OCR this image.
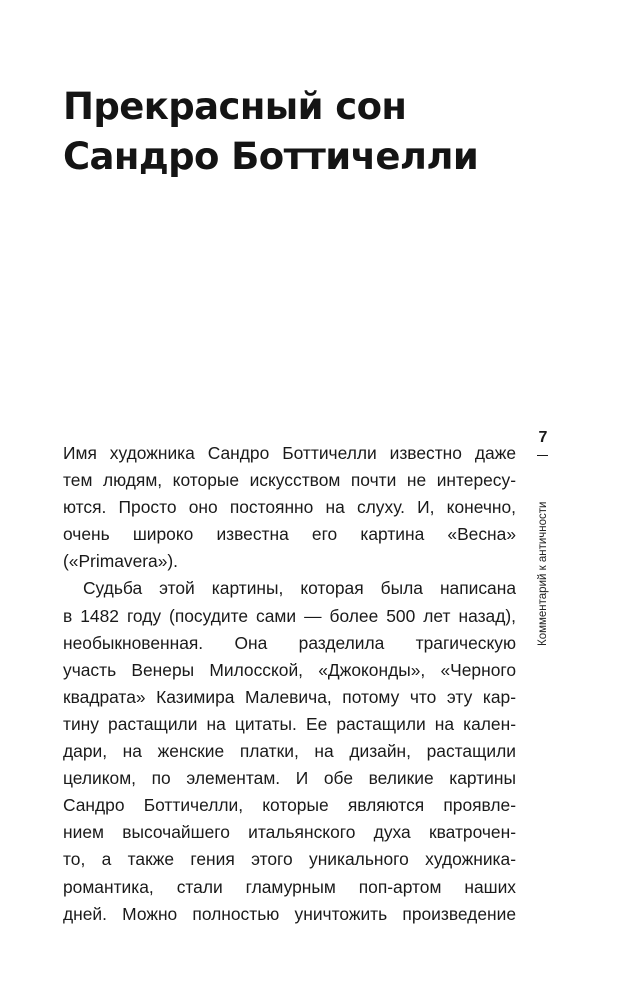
Прекрасный сон
Сандро Боттичелли

Имя художника Сандро Боттичелли известно даже
тем людям, которые искусством почти не интересу-
ются. Просто оно постоянно на слуху. И, конечно,
очень широко известна его картина «Весна»
(«Primavera»).

Судьба этой картины, которая была написана
в 1482 году (посудите сами — более 500 лет назад),
необыкновенная. Она разделила трагическую
участь Венеры Милосской, «Джоконды», «Черного
квадрата» Казимира Малевича, потому что эту кар-
тину растащили на цитаты. Ее растащили на кален-
дари, на женские платки, на дизайн, растащили
целиком, по элементам. И обе великие картины
Сандро Боттичелли, которые являются проявле-
нием высочайшего итальянского духа кватрочен-
то, а также гения этого уникального художника-
романтика, стали гламурным поп-артом наших
дней. Можно полностью уничтожить произведение

7
Комментарий к античности
